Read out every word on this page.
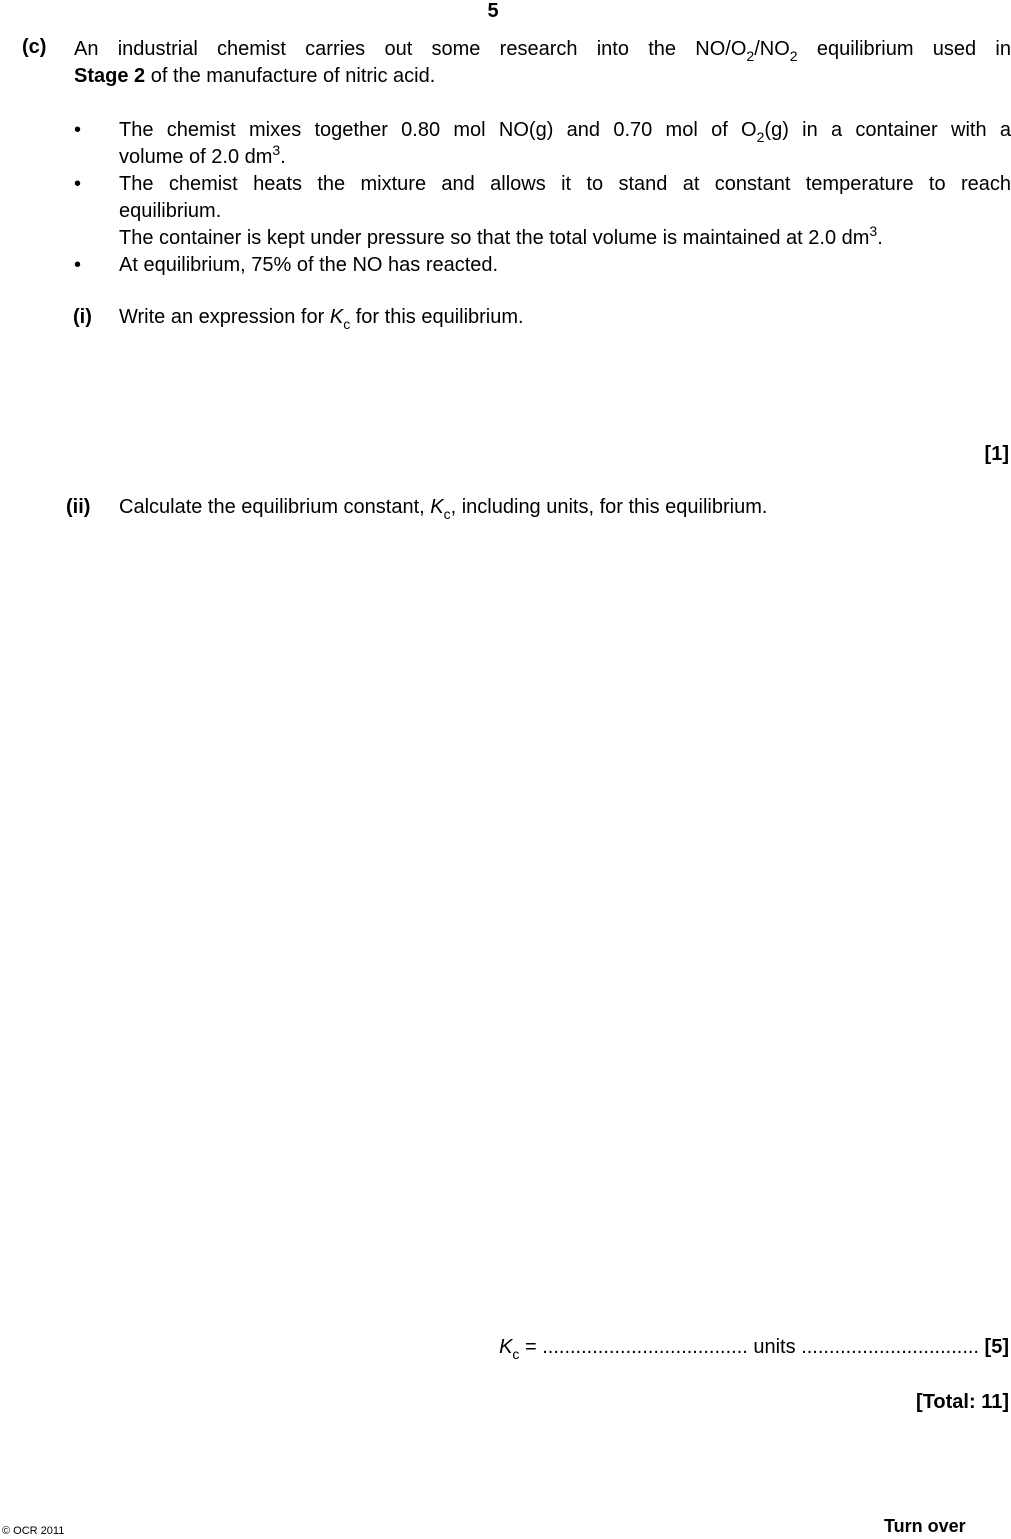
5
(c) An industrial chemist carries out some research into the $NO/O_2/NO_2$ equilibrium used in
Stage 2 of the manufacture of nitric acid.
• The chemist mixes together 0.80 mol NO(g) and 0.70 mol of $O_2(g)$ in a container with a
volume of 2.0 $dm^3$.
• The chemist heats the mixture and allows it to stand at constant temperature to reach
equilibrium.
The container is kept under pressure so that the total volume is maintained at 2.0 $dm^3$.
• At equilibrium, 75% of the NO has reacted.
(i) Write an expression for $K_c$ for this equilibrium.
[1]
(ii) Calculate the equilibrium constant, $K_c$, including units, for this equilibrium.
$K_c$ = ..................................... units ................................ [5]
[Total: 11]
© OCR 2011	Turn over
